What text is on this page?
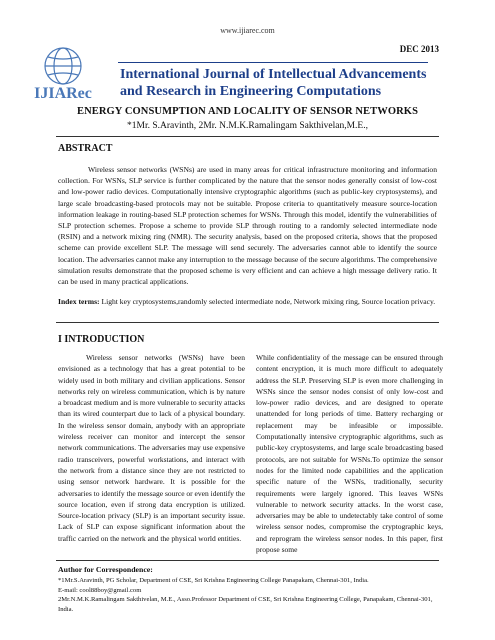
www.ijiarec.com
DEC 2013
IJIARec
International Journal of Intellectual Advancements
and Research in Engineering Computations
ENERGY CONSUMPTION AND LOCALITY OF SENSOR NETWORKS
*1Mr. S.Aravinth, 2Mr. N.M.K.Ramalingam Sakthivelan,M.E.,
ABSTRACT

Wireless sensor networks (WSNs) are used in many areas for critical infrastructure monitoring and information collection. For WSNs, SLP service is further complicated by the nature that the sensor nodes generally consist of low-cost and low-power radio devices. Computationally intensive cryptographic algorithms (such as public-key cryptosystems), and large scale broadcasting-based protocols may not be suitable. Propose criteria to quantitatively measure source-location information leakage in routing-based SLP protection schemes for WSNs. Through this model, identify the vulnerabilities of SLP protection schemes. Propose a scheme to provide SLP through routing to a randomly selected intermediate node (RSIN) and a network mixing ring (NMR). The security analysis, based on the proposed criteria, shows that the proposed scheme can provide excellent SLP. The message will send securely. The adversaries cannot able to identify the source location. The adversaries cannot make any interruption to the message because of the secure algorithms. The comprehensive simulation results demonstrate that the proposed scheme is very efficient and can achieve a high message delivery ratio. It can be used in many practical applications.

Index terms: Light key cryptosystems,randomly selected intermediate node, Network mixing ring, Source location privacy.

I INTRODUCTION

Wireless sensor networks (WSNs) have been envisioned as a technology that has a great potential to be widely used in both military and civilian applications. Sensor networks rely on wireless communication, which is by nature a broadcast medium and is more vulnerable to security attacks than its wired counterpart due to lack of a physical boundary. In the wireless sensor domain, anybody with an appropriate wireless receiver can monitor and intercept the sensor network communications. The adversaries may use expensive radio transceivers, powerful workstations, and interact with the network from a distance since they are not restricted to using sensor network hardware. It is possible for the adversaries to identify the message source or even identify the source location, even if strong data encryption is utilized. Source-location privacy (SLP) is an important security issue. Lack of SLP can expose significant information about the traffic carried on the network and the physical world entities.

While confidentiality of the message can be ensured through content encryption, it is much more difficult to adequately address the SLP. Preserving SLP is even more challenging in WSNs since the sensor nodes consist of only low-cost and low-power radio devices, and are designed to operate unattended for long periods of time. Battery recharging or replacement may be infeasible or impossible. Computationally intensive cryptographic algorithms, such as public-key cryptosystems, and large scale broadcasting based protocols, are not suitable for WSNs.To optimize the sensor nodes for the limited node capabilities and the application specific nature of the WSNs, traditionally, security requirements were largely ignored. This leaves WSNs vulnerable to network security attacks. In the worst case, adversaries may be able to undetectably take control of some wireless sensor nodes, compromise the cryptographic keys, and reprogram the wireless sensor nodes. In this paper, first propose some

Author for Correspondence:
*1Mr.S.Aravinth, PG Scholar, Department of CSE, Sri Krishna Engineering College Panapakam, Chennai-301, India.
E-mail: cool88boy@gmail.com
2Mr.N.M.K.Ramalingam Sakthivelan, M.E., Asso.Professor Department of CSE, Sri Krishna Engineering College, Panapakam, Chennai-301, India.
